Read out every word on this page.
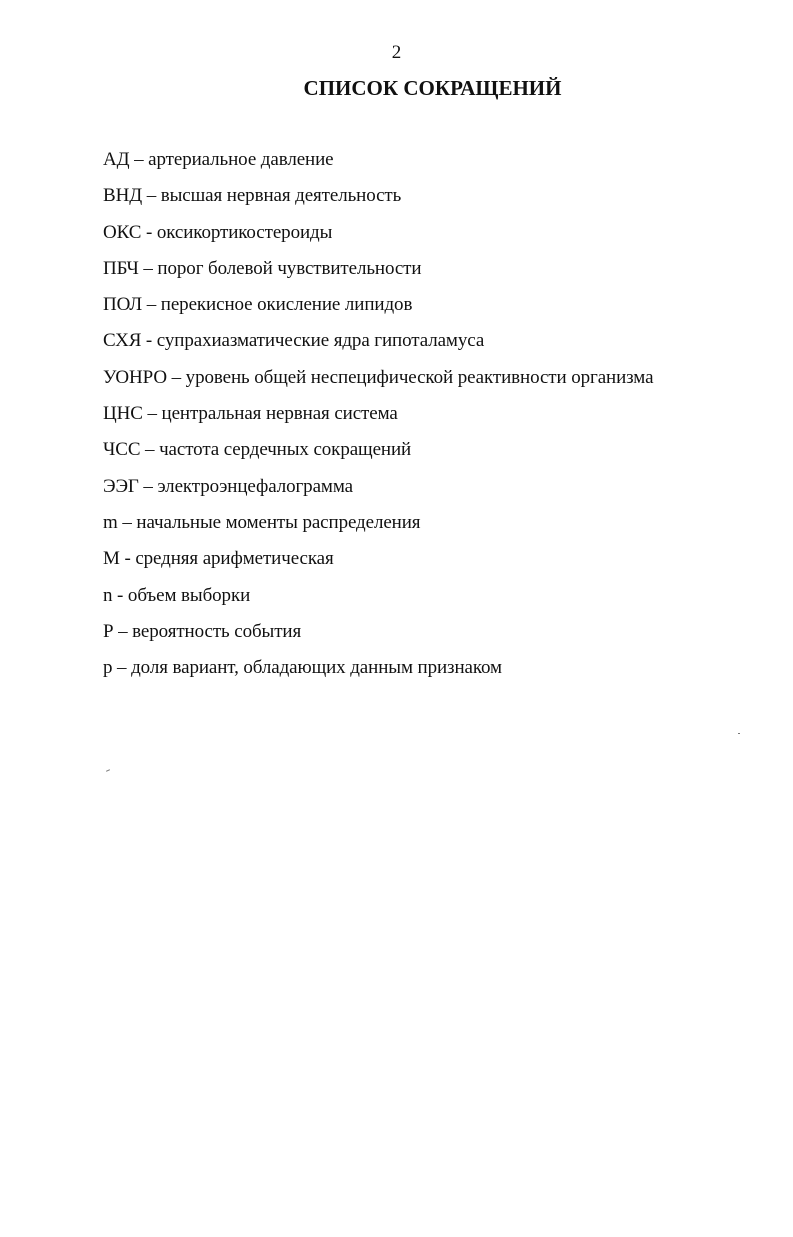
2
СПИСОК СОКРАЩЕНИЙ
АД – артериальное давление
ВНД – высшая нервная деятельность
ОКС - оксикортикостероиды
ПБЧ – порог болевой чувствительности
ПОЛ – перекисное окисление липидов
СХЯ - супрахиазматические ядра гипоталамуса
УОНРО – уровень общей неспецифической реактивности организма
ЦНС – центральная нервная система
ЧСС – частота сердечных сокращений
ЭЭГ – электроэнцефалограмма
m – начальные моменты распределения
М - средняя арифметическая
n - объем выборки
Р – вероятность события
p – доля вариант, обладающих данным признаком
